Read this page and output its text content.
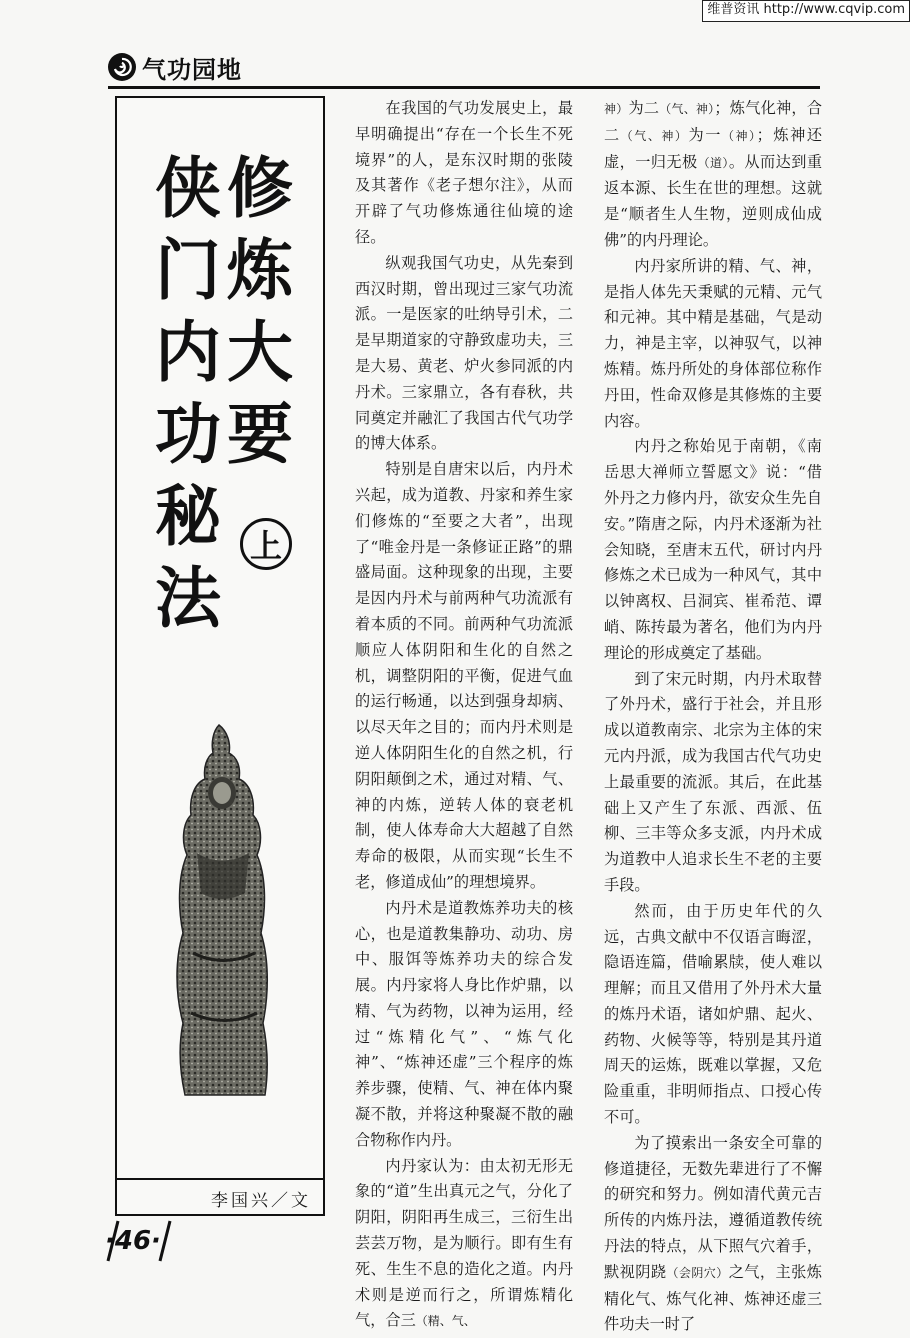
维普资讯 http://www.cqvip.com
气功园地
修
炼
大
要
侠
门
内
功
秘
法
上
李国兴／文

在我国的气功发展史上，最早明确提出“存在一个长生不死境界”的人，是东汉时期的张陵及其著作《老子想尔注》，从而开辟了气功修炼通往仙境的途径。

纵观我国气功史，从先秦到西汉时期，曾出现过三家气功流派。一是医家的吐纳导引术，二是早期道家的守静致虚功夫，三是大易、黄老、炉火参同派的内丹术。三家鼎立，各有春秋，共同奠定并融汇了我国古代气功学的博大体系。

特别是自唐宋以后，内丹术兴起，成为道教、丹家和养生家们修炼的“至要之大者”，出现了“唯金丹是一条修证正路”的鼎盛局面。这种现象的出现，主要是因内丹术与前两种气功流派有着本质的不同。前两种气功流派顺应人体阴阳和生化的自然之机，调整阴阳的平衡，促进气血的运行畅通，以达到强身却病、以尽天年之目的；而内丹术则是逆人体阴阳生化的自然之机，行阴阳颠倒之术，通过对精、气、神的内炼，逆转人体的衰老机制，使人体寿命大大超越了自然寿命的极限，从而实现“长生不老，修道成仙”的理想境界。

内丹术是道教炼养功夫的核心，也是道教集静功、动功、房中、服饵等炼养功夫的综合发展。内丹家将人身比作炉鼎，以精、气为药物，以神为运用，经过“炼精化气”、“炼气化神”、“炼神还虚”三个程序的炼养步骤，使精、气、神在体内聚凝不散，并将这种聚凝不散的融合物称作内丹。

内丹家认为：由太初无形无象的“道”生出真元之气，分化了阴阳，阴阳再生成三，三衍生出芸芸万物，是为顺行。即有生有死、生生不息的造化之道。内丹术则是逆而行之，所谓炼精化气，合三（精、气、

神）为二（气、神）；炼气化神，合二（气、神）为一（神）；炼神还虚，一归无极（道）。从而达到重返本源、长生在世的理想。这就是“顺者生人生物，逆则成仙成佛”的内丹理论。

内丹家所讲的精、气、神，是指人体先天秉赋的元精、元气和元神。其中精是基础，气是动力，神是主宰，以神驭气，以神炼精。炼丹所处的身体部位称作丹田，性命双修是其修炼的主要内容。

内丹之称始见于南朝，《南岳思大禅师立誓愿文》说：“借外丹之力修内丹，欲安众生先自安。”隋唐之际，内丹术逐渐为社会知晓，至唐末五代，研讨内丹修炼之术已成为一种风气，其中以钟离权、吕洞宾、崔希范、谭峭、陈抟最为著名，他们为内丹理论的形成奠定了基础。

到了宋元时期，内丹术取替了外丹术，盛行于社会，并且形成以道教南宗、北宗为主体的宋元内丹派，成为我国古代气功史上最重要的流派。其后，在此基础上又产生了东派、西派、伍柳、三丰等众多支派，内丹术成为道教中人追求长生不老的主要手段。

然而，由于历史年代的久远，古典文献中不仅语言晦涩，隐语连篇，借喻累牍，使人难以理解；而且又借用了外丹术大量的炼丹术语，诸如炉鼎、起火、药物、火候等等，特别是其丹道周天的运炼，既难以掌握，又危险重重，非明师指点、口授心传不可。

为了摸索出一条安全可靠的修道捷径，无数先辈进行了不懈的研究和努力。例如清代黄元吉所传的内炼丹法，遵循道教传统丹法的特点，从下照气穴着手，默视阴跷（会阴穴）之气，主张炼精化气、炼气化神、炼神还虚三件功夫一时了

·46·
